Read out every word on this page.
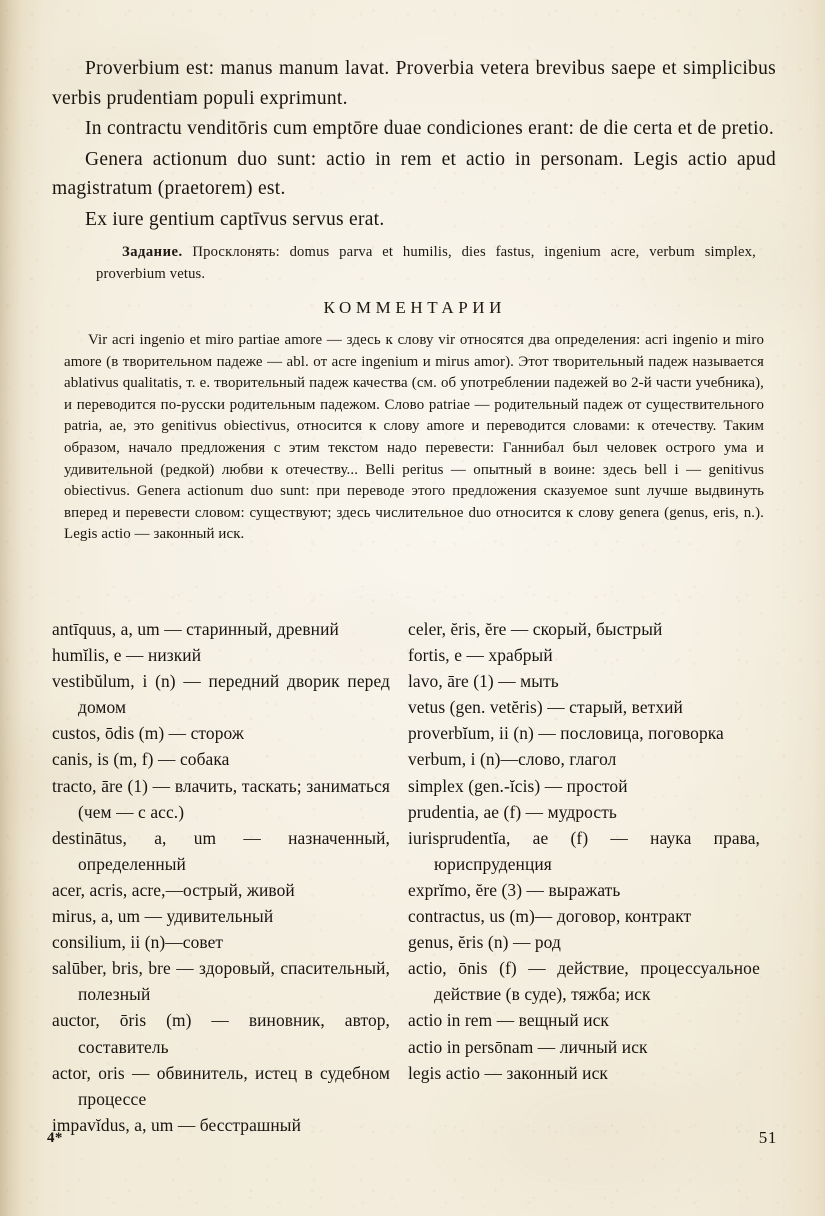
Proverbium est: manus manum lavat. Proverbia vetera brevibus saepe et simplicibus verbis prudentiam populi exprimunt.

In contractu venditōris cum emptōre duae condiciones erant: de die certa et de pretio.

Genera actionum duo sunt: actio in rem et actio in personam. Legis actio apud magistratum (praetorem) est.

Ex iure gentium captīvus servus erat.

Задание. Просклонять: domus parva et humilis, dies fastus, ingenium acre, verbum simplex, proverbium vetus.
КОММЕНТАРИИ
Vir acri ingenio et miro partiae amore — здесь к слову vir относятся два определения: acri ingenio и miro amore (в творительном падеже — abl. от acre ingenium и mirus amor). Этот творительный падеж называется ablativus qualitatis, т. е. творительный падеж качества (см. об употреблении падежей во 2-й части учебника), и переводится по-русски родительным падежом. Слово patriae — родительный падеж от существительного patria, ae, это genitivus obiectivus, относится к слову amore и переводится словами: к отечеству. Таким образом, начало предложения с этим текстом надо перевести: Ганнибал был человек острого ума и удивительной (редкой) любви к отечеству... Belli peritus — опытный в воине: здесь bell i — genitivus obiectivus. Genera actionum duo sunt: при переводе этого предложения сказуемое sunt лучше выдвинуть вперед и перевести словом: существуют; здесь числительное duo относится к слову genera (genus, eris, n.). Legis actio — законный иск.

antīquus, a, um — старинный, древний

humĭlis, e — низкий

vestibŭlum, i (n) — передний дворик перед домом

custos, ōdis (m) — сторож

canis, is (m, f) — собака

tracto, āre (1) — влачить, таскать; заниматься (чем — с acc.)

destinātus, a, um — назначенный, определенный

acer, acris, acre,—острый, живой

mirus, a, um — удивительный

consilium, ii (n)—совет

salūber, bris, bre — здоровый, спасительный, полезный

auctor, ōris (m) — виновник, автор, составитель

actor, oris — обвинитель, истец в судебном процессе

impavĭdus, a, um — бесстрашный

celer, ĕris, ĕre — скорый, быстрый

fortis, e — храбрый

lavo, āre (1) — мыть

vetus (gen. vetĕris) — старый, ветхий

proverbĭum, ii (n) — пословица, поговорка

verbum, i (n)—слово, глагол

simplex (gen.-ĭcis) — простой

prudentia, ae (f) — мудрость

iurisprudentĭa, ae (f) — наука права, юриспруденция

exprĭmo, ĕre (3) — выражать

contractus, us (m)— договор, контракт

genus, ĕris (n) — род

actio, ōnis (f) — действие, процессуальное действие (в суде), тяжба; иск

actio in rem — вещный иск

actio in persōnam — личный иск

legis actio — законный иск

4*	51
